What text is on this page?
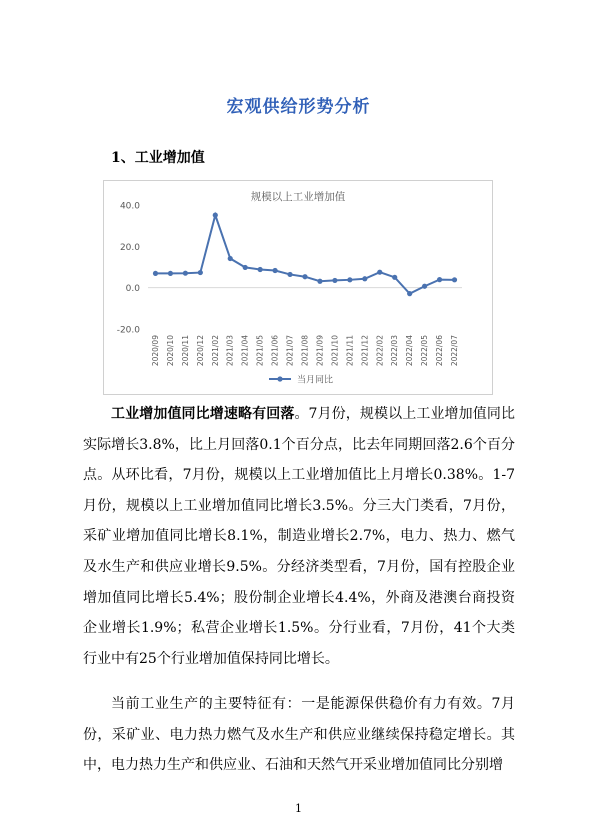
宏观供给形势分析
1、工业增加值
规模以上工业增加值
40.0
20.0
0.0
-20.0
2020/09 2020/10 2020/11 2020/12 2021/02 2021/03 2021/04 2021/05 2021/06 2021/07 2021/08 2021/09 2021/10 2021/11 2021/12 2022/02 2022/03 2022/04 2022/05 2022/06 2022/07
当月同比

工业增加值同比增速略有回落。7月份，规模以上工业增加值同比实际增长3.8%，比上月回落0.1个百分点，比去年同期回落2.6个百分点。从环比看，7月份，规模以上工业增加值比上月增长0.38%。1-7月份，规模以上工业增加值同比增长3.5%。分三大门类看，7月份，采矿业增加值同比增长8.1%，制造业增长2.7%，电力、热力、燃气及水生产和供应业增长9.5%。分经济类型看，7月份，国有控股企业增加值同比增长5.4%；股份制企业增长4.4%，外商及港澳台商投资企业增长1.9%；私营企业增长1.5%。分行业看，7月份，41个大类行业中有25个行业增加值保持同比增长。

当前工业生产的主要特征有：一是能源保供稳价有力有效。7月份，采矿业、电力热力燃气及水生产和供应业继续保持稳定增长。其中，电力热力生产和供应业、石油和天然气开采业增加值同比分别增

1
